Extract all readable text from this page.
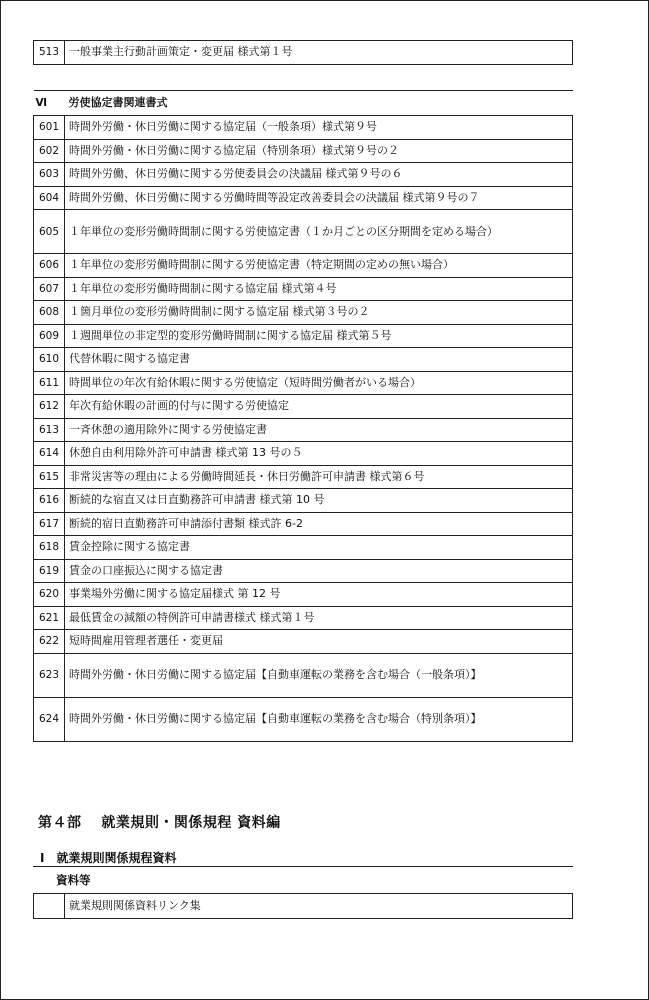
513	一般事業主行動計画策定・変更届 様式第１号
Ⅵ	労使協定書関連書式
601	時間外労働・休日労働に関する協定届（一般条項）様式第９号
602	時間外労働・休日労働に関する協定届（特別条項）様式第９号の２
603	時間外労働、休日労働に関する労使委員会の決議届 様式第９号の６
604	時間外労働、休日労働に関する労働時間等設定改善委員会の決議届 様式第９号の７
605	１年単位の変形労働時間制に関する労使協定書（１か月ごとの区分期間を定める場合）
606	１年単位の変形労働時間制に関する労使協定書（特定期間の定めの無い場合）
607	１年単位の変形労働時間制に関する協定届 様式第４号
608	１箇月単位の変形労働時間制に関する協定届 様式第３号の２
609	１週間単位の非定型的変形労働時間制に関する協定届 様式第５号
610	代替休暇に関する協定書
611	時間単位の年次有給休暇に関する労使協定（短時間労働者がいる場合）
612	年次有給休暇の計画的付与に関する労使協定
613	一斉休憩の適用除外に関する労使協定書
614	休憩自由利用除外許可申請書 様式第 13 号の５
615	非常災害等の理由による労働時間延長・休日労働許可申請書 様式第６号
616	断続的な宿直又は日直勤務許可申請書 様式第 10 号
617	断続的宿日直勤務許可申請添付書類 様式許 6-2
618	賃金控除に関する協定書
619	賃金の口座振込に関する協定書
620	事業場外労働に関する協定届様式 第 12 号
621	最低賃金の減額の特例許可申請書様式 様式第１号
622	短時間雇用管理者選任・変更届
623	時間外労働・休日労働に関する協定届【自動車運転の業務を含む場合（一般条項）】
624	時間外労働・休日労働に関する協定届【自動車運転の業務を含む場合（特別条項）】
第４部　 就業規則・関係規程 資料編
Ⅰ　就業規則関係規程資料
資料等
	就業規則関係資料リンク集
